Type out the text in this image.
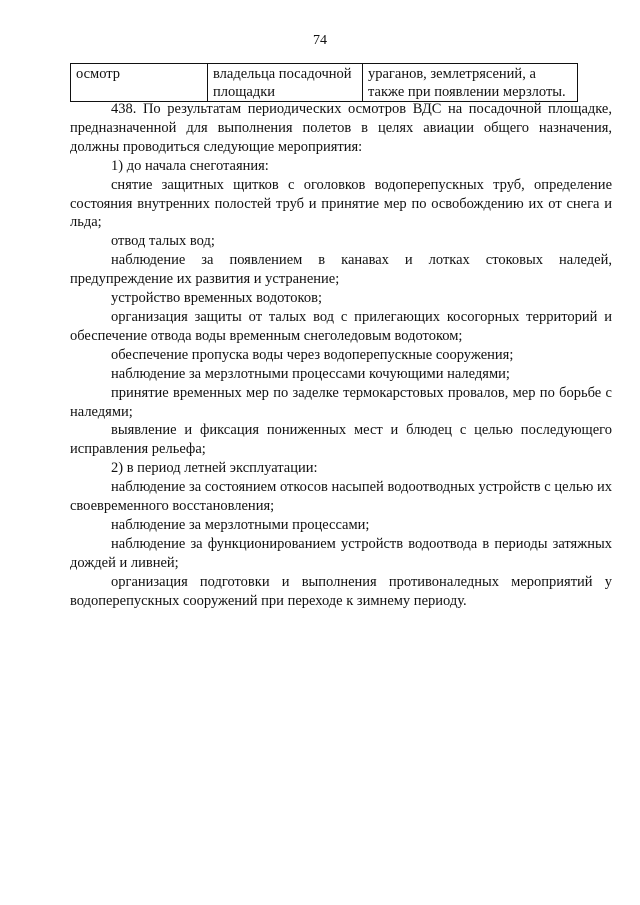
74
осмотр	владельца посадочной площадки	ураганов, землетрясений, а также при появлении мерзлоты.

438. По результатам периодических осмотров ВДС на посадочной площадке, предназначенной для выполнения полетов в целях авиации общего назначения, должны проводиться следующие мероприятия:

1) до начала снеготаяния:

снятие защитных щитков с оголовков водоперепускных труб, определение состояния внутренних полостей труб и принятие мер по освобождению их от снега и льда;

отвод талых вод;

наблюдение за появлением в канавах и лотках стоковых наледей, предупреждение их развития и устранение;

устройство временных водотоков;

организация защиты от талых вод с прилегающих косогорных территорий и обеспечение отвода воды временным снеголедовым водотоком;

обеспечение пропуска воды через водоперепускные сооружения;

наблюдение за мерзлотными процессами кочующими наледями;

принятие временных мер по заделке термокарстовых провалов, мер по борьбе с наледями;

выявление и фиксация пониженных мест и блюдец с целью последующего исправления рельефа;

2) в период летней эксплуатации:

наблюдение за состоянием откосов насыпей водоотводных устройств с целью их своевременного восстановления;

наблюдение за мерзлотными процессами;

наблюдение за функционированием устройств водоотвода в периоды затяжных дождей и ливней;

организация подготовки и выполнения противоналедных мероприятий у водоперепускных сооружений при переходе к зимнему периоду.
